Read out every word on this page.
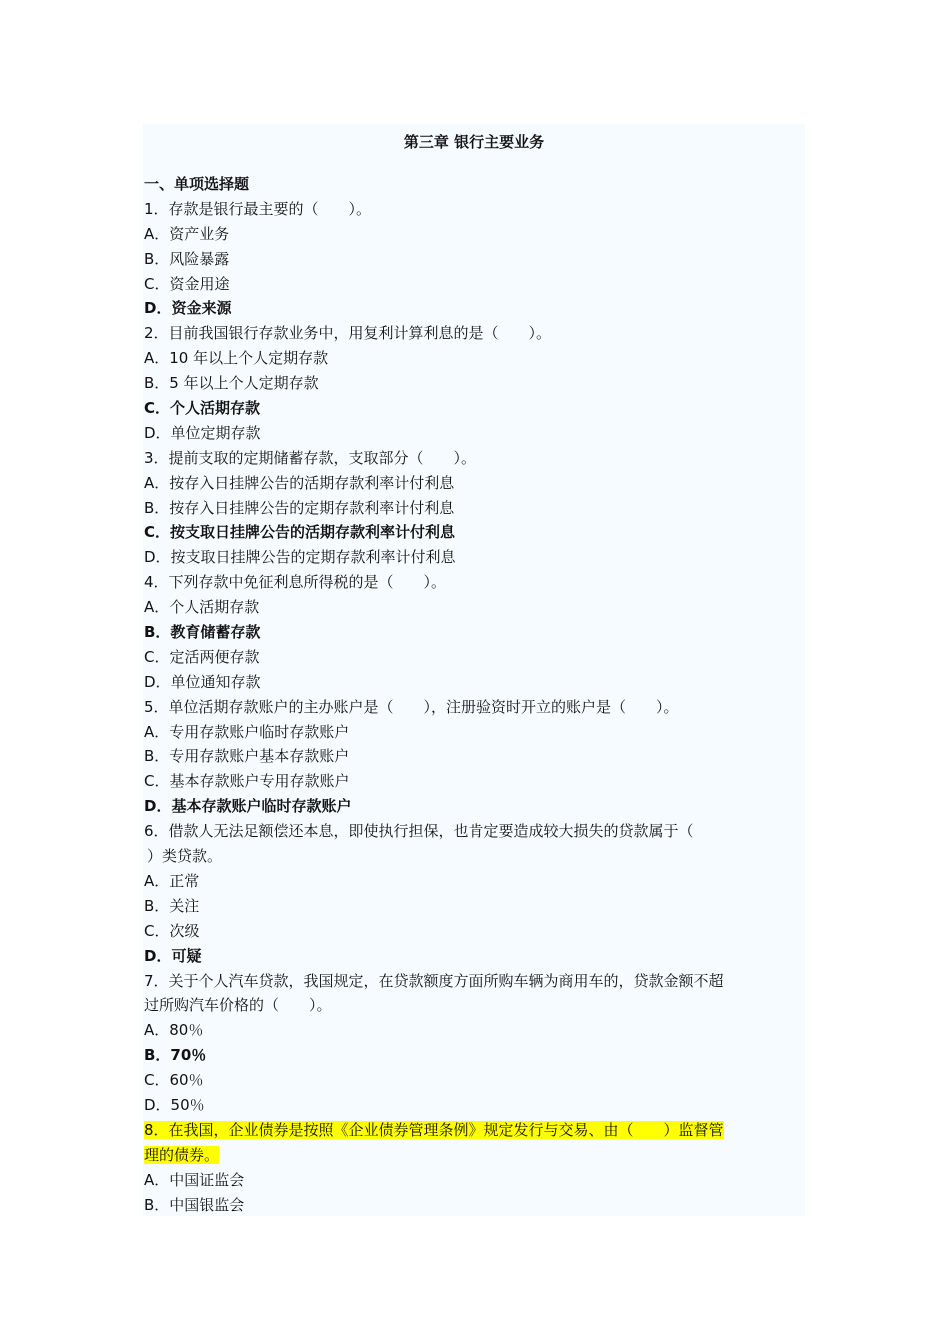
第三章 银行主要业务
一、单项选择题
1．存款是银行最主要的（　　）。
A．资产业务
B．风险暴露
C．资金用途
D．资金来源
2．目前我国银行存款业务中，用复利计算利息的是（　　）。
A．10 年以上个人定期存款
B．5 年以上个人定期存款
C．个人活期存款
D．单位定期存款
3．提前支取的定期储蓄存款，支取部分（　　）。
A．按存入日挂牌公告的活期存款利率计付利息
B．按存入日挂牌公告的定期存款利率计付利息
C．按支取日挂牌公告的活期存款利率计付利息
D．按支取日挂牌公告的定期存款利率计付利息
4．下列存款中免征利息所得税的是（　　）。
A．个人活期存款
B．教育储蓄存款
C．定活两便存款
D．单位通知存款
5．单位活期存款账户的主办账户是（　　），注册验资时开立的账户是（　　）。
A．专用存款账户临时存款账户
B．专用存款账户基本存款账户
C．基本存款账户专用存款账户
D．基本存款账户临时存款账户
6．借款人无法足额偿还本息，即使执行担保，也肯定要造成较大损失的贷款属于（
）类贷款。
A．正常
B．关注
C．次级
D．可疑
7．关于个人汽车贷款，我国规定，在贷款额度方面所购车辆为商用车的，贷款金额不超
过所购汽车价格的（　　）。
A．80％
B．70％
C．60％
D．50％
8．在我国，企业债券是按照《企业债券管理条例》规定发行与交易、由（　　）监督管
理的债券。
A．中国证监会
B．中国银监会
